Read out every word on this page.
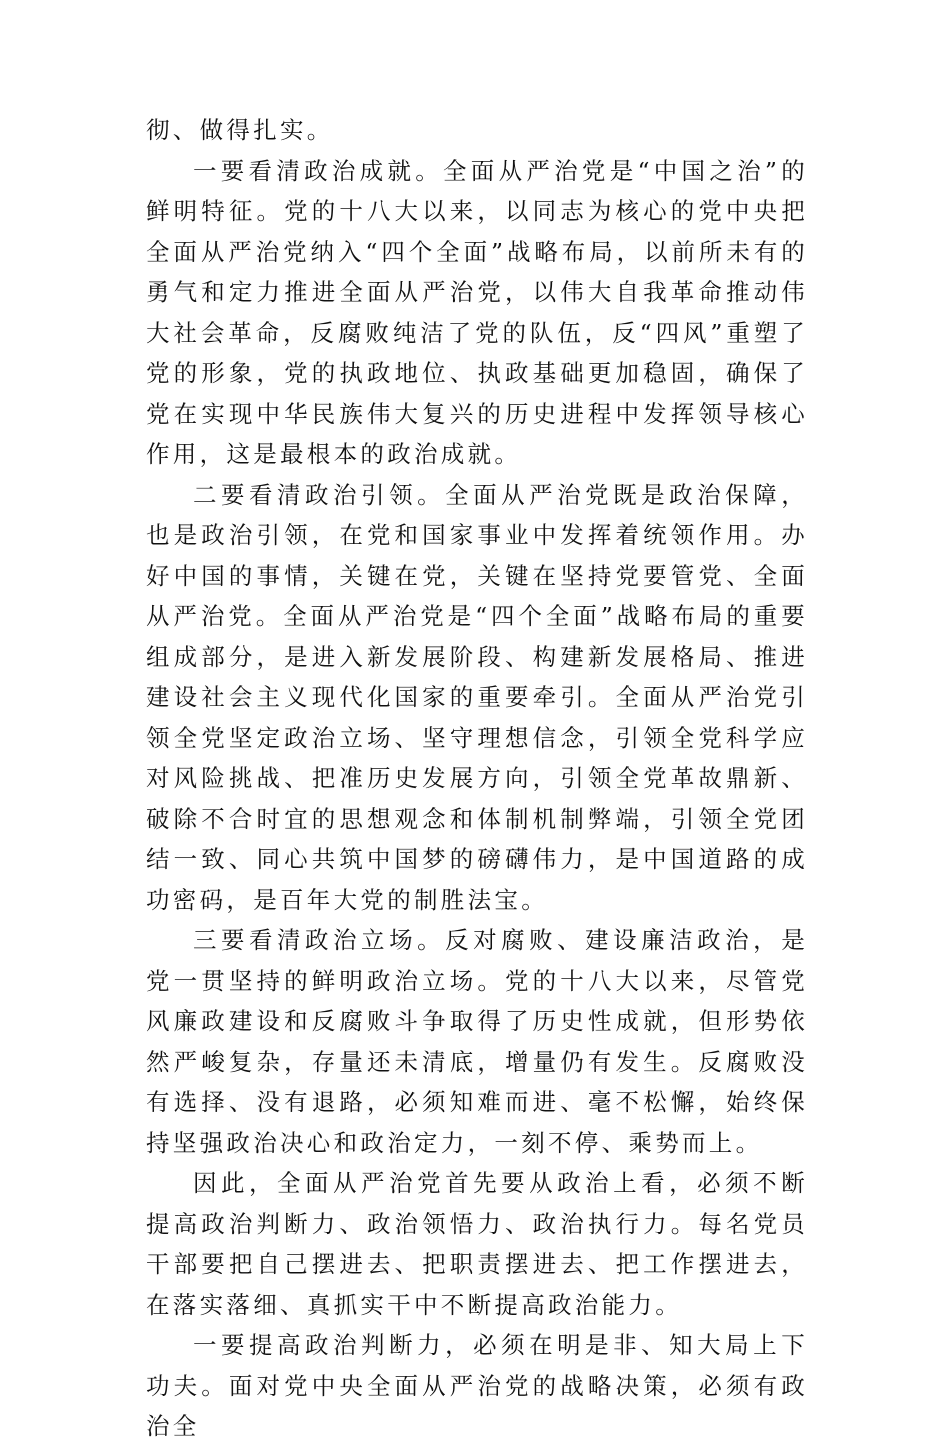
彻、做得扎实。

一要看清政治成就。全面从严治党是“中国之治”的鲜明特征。党的十八大以来，以同志为核心的党中央把全面从严治党纳入“四个全面”战略布局，以前所未有的勇气和定力推进全面从严治党，以伟大自我革命推动伟大社会革命，反腐败纯洁了党的队伍，反“四风”重塑了党的形象，党的执政地位、执政基础更加稳固，确保了党在实现中华民族伟大复兴的历史进程中发挥领导核心作用，这是最根本的政治成就。

二要看清政治引领。全面从严治党既是政治保障，也是政治引领，在党和国家事业中发挥着统领作用。办好中国的事情，关键在党，关键在坚持党要管党、全面从严治党。全面从严治党是“四个全面”战略布局的重要组成部分，是进入新发展阶段、构建新发展格局、推进建设社会主义现代化国家的重要牵引。全面从严治党引领全党坚定政治立场、坚守理想信念，引领全党科学应对风险挑战、把准历史发展方向，引领全党革故鼎新、破除不合时宜的思想观念和体制机制弊端，引领全党团结一致、同心共筑中国梦的磅礴伟力，是中国道路的成功密码，是百年大党的制胜法宝。

三要看清政治立场。反对腐败、建设廉洁政治，是党一贯坚持的鲜明政治立场。党的十八大以来，尽管党风廉政建设和反腐败斗争取得了历史性成就，但形势依然严峻复杂，存量还未清底，增量仍有发生。反腐败没有选择、没有退路，必须知难而进、毫不松懈，始终保持坚强政治决心和政治定力，一刻不停、乘势而上。

因此，全面从严治党首先要从政治上看，必须不断提高政治判断力、政治领悟力、政治执行力。每名党员干部要把自己摆进去、把职责摆进去、把工作摆进去，在落实落细、真抓实干中不断提高政治能力。

一要提高政治判断力，必须在明是非、知大局上下功夫。面对党中央全面从严治党的战略决策，必须有政治全
